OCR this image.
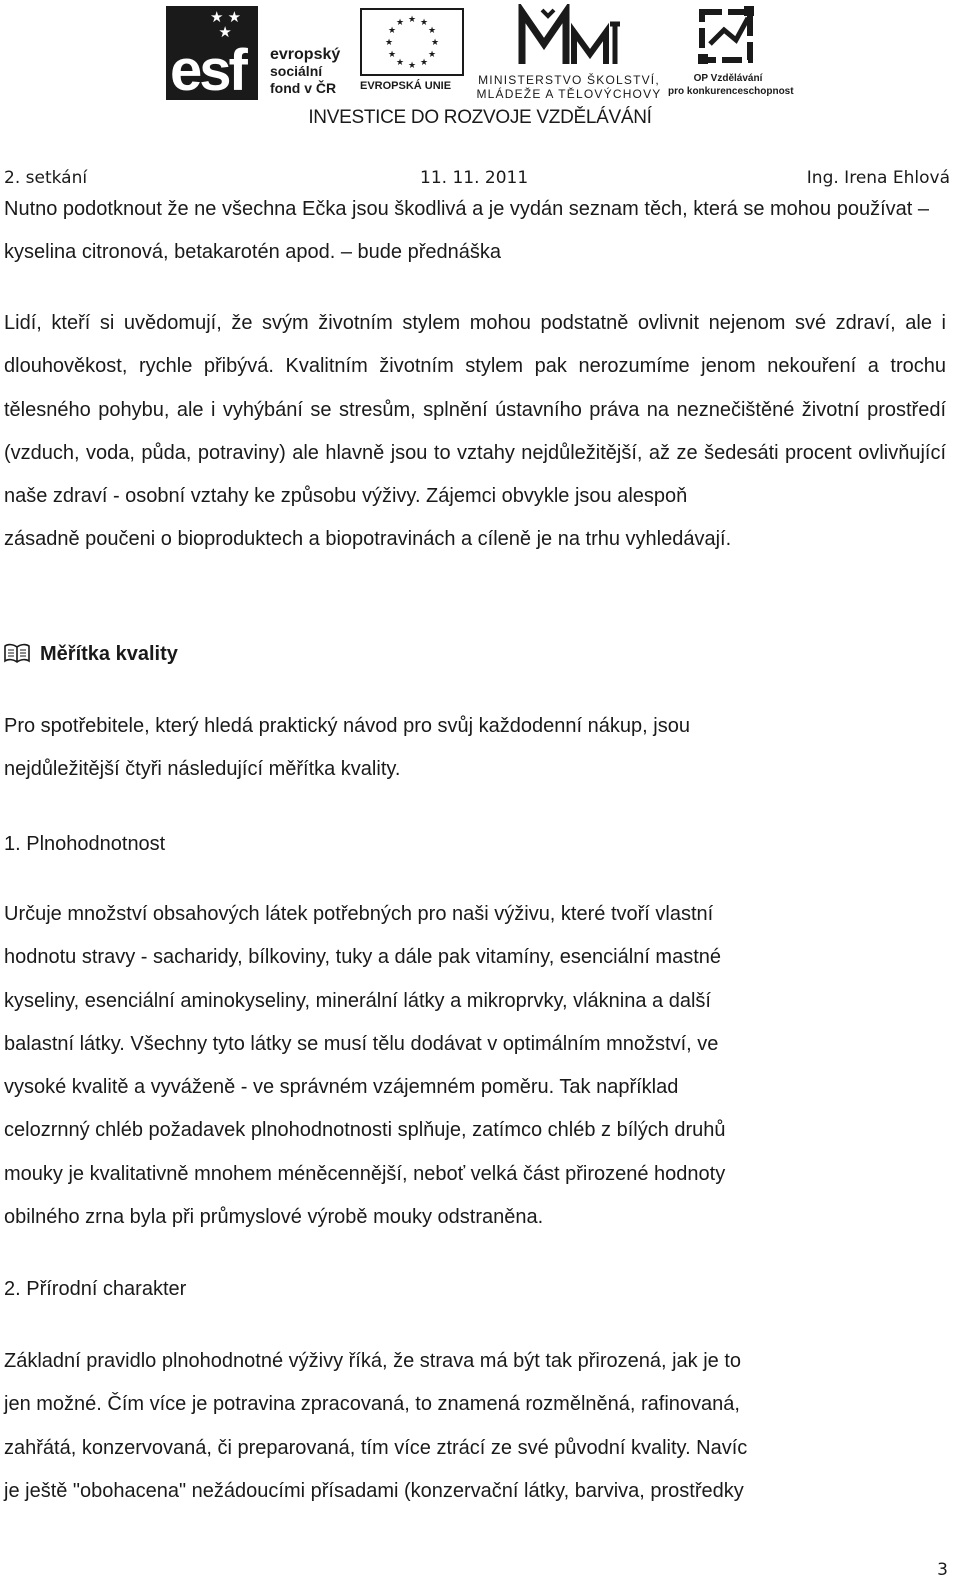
★ ★
★
esf evropský
sociální
fond v ČR
★ ★
★
★
★
★
★
★
★
★
★
★
EVROPSKÁ UNIE	MINISTERSTVO ŠKOLSTVÍ,
MLÁDEŽE A TĚLOVÝCHOVY
OP Vzdělávání
pro konkurenceschopnost
INVESTICE DO ROZVOJE VZDĚLÁVÁNÍ
2. setkání	11. 11. 2011	Ing. Irena Ehlová

Nutno podotknout že ne všechna Ečka jsou škodlivá a je vydán seznam těch, která se mohou používat – kyselina citronová, betakarotén apod. – bude přednáška

Lidí, kteří si uvědomují, že svým životním stylem mohou podstatně ovlivnit nejenom své zdraví, ale i dlouhověkost, rychle přibývá. Kvalitním životním stylem pak nerozumíme jenom nekouření a trochu tělesného pohybu, ale i vyhýbání se stresům, splnění ústavního práva na neznečištěné životní prostředí (vzduch, voda, půda, potraviny) ale hlavně jsou to vztahy nejdůležitější, až ze šedesáti procent ovlivňující naše zdraví - osobní vztahy ke způsobu výživy. Zájemci obvykle jsou alespoň
zásadně poučeni o bioproduktech a biopotravinách a cíleně je na trhu vyhledávají.

Měřítka kvality
Pro spotřebitele, který hledá praktický návod pro svůj každodenní nákup, jsou
nejdůležitější čtyři následující měřítka kvality.
1. Plnohodnotnost
Určuje množství obsahových látek potřebných pro naši výživu, které tvoří vlastní
hodnotu stravy - sacharidy, bílkoviny, tuky a dále pak vitamíny, esenciální mastné
kyseliny, esenciální aminokyseliny, minerální látky a mikroprvky, vláknina a další
balastní látky. Všechny tyto látky se musí tělu dodávat v optimálním množství, ve
vysoké kvalitě a vyváženě - ve správném vzájemném poměru. Tak například
celozrnný chléb požadavek plnohodnotnosti splňuje, zatímco chléb z bílých druhů
mouky je kvalitativně mnohem méněcennější, neboť velká část přirozené hodnoty
obilného zrna byla při průmyslové výrobě mouky odstraněna.
2. Přírodní charakter
Základní pravidlo plnohodnotné výživy říká, že strava má být tak přirozená, jak je to
jen možné. Čím více je potravina zpracovaná, to znamená rozmělněná, rafinovaná,
zahřátá, konzervovaná, či preparovaná, tím více ztrácí ze své původní kvality. Navíc
je ještě "obohacena" nežádoucími přísadami (konzervační látky, barviva, prostředky
3
